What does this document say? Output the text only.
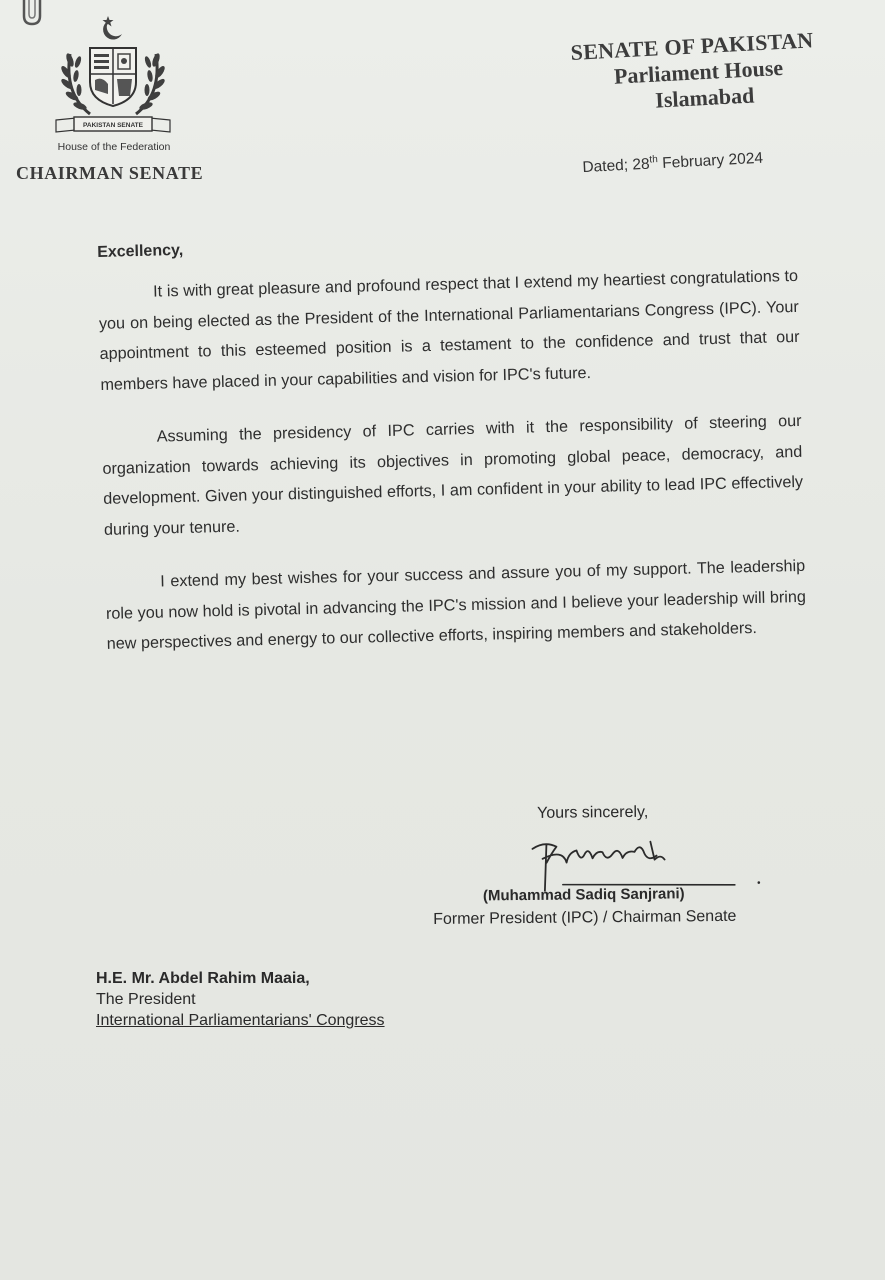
PAKISTAN SENATE
House of the Federation
CHAIRMAN SENATE
SENATE OF PAKISTAN
Parliament House
Islamabad
Dated; 28th February 2024
Excellency,

It is with great pleasure and profound respect that I extend my heartiest congratulations to you on being elected as the President of the International Parliamentarians Congress (IPC). Your appointment to this esteemed position is a testament to the confidence and trust that our members have placed in your capabilities and vision for IPC's future.

Assuming the presidency of IPC carries with it the responsibility of steering our organization towards achieving its objectives in promoting global peace, democracy, and development. Given your distinguished efforts, I am confident in your ability to lead IPC effectively during your tenure.

I extend my best wishes for your success and assure you of my support. The leadership role you now hold is pivotal in advancing the IPC's mission and I believe your leadership will bring new perspectives and energy to our collective efforts, inspiring members and stakeholders.

Yours sincerely,
(Muhammad Sadiq Sanjrani)
Former President (IPC) / Chairman Senate
H.E. Mr. Abdel Rahim Maaia,
The President
International Parliamentarians' Congress
